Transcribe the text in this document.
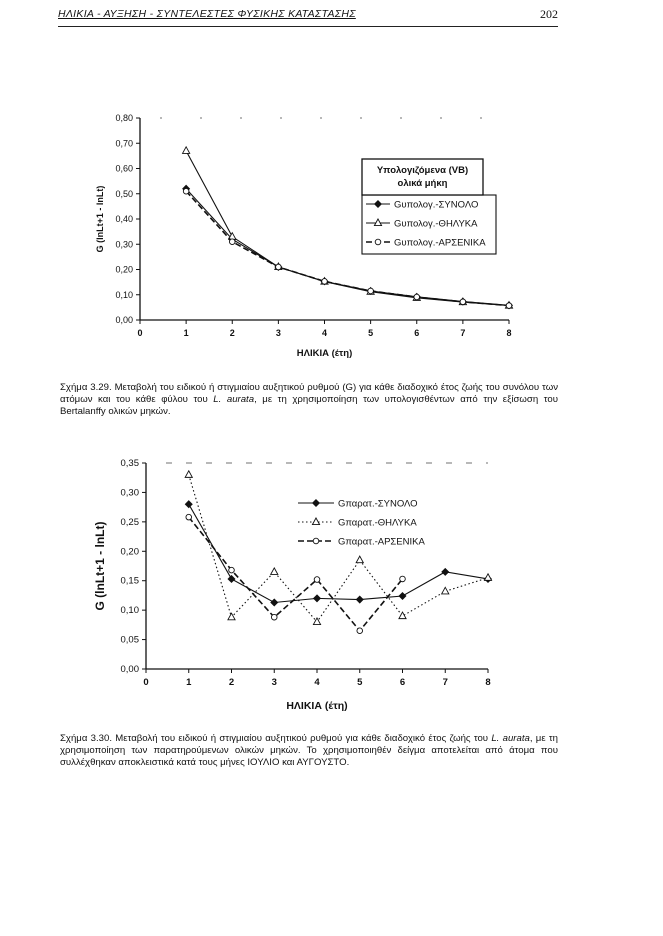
ΗΛΙΚΙΑ - ΑΥΞΗΣΗ - ΣΥΝΤΕΛΕΣΤΕΣ ΦΥΣΙΚΗΣ ΚΑΤΑΣΤΑΣΗΣ	202
0,00
0,10
0,20
0,30
0,40
0,50
0,60
0,70
0,80
0	1	2	3	4	5	6	7	8
ΗΛΙΚΙΑ (έτη)
G (lnLt+1 - lnLt)
Υπολογιζόμενα (VB)
ολικά μήκη
Gυπολογ.-ΣΥΝΟΛΟ
Gυπολογ.-ΘΗΛΥΚΑ
Gυπολογ.-ΑΡΣΕΝΙΚΑ
0,00
0,05
0,10
0,15
0,20
0,25
0,30
0,35
0	1	2	3	4	5	6	7	8
ΗΛΙΚΙΑ (έτη)
G (lnLt+1 - lnLt)
Gπαρατ.-ΣΥΝΟΛΟ
Gπαρατ.-ΘΗΛΥΚΑ
Gπαρατ.-ΑΡΣΕΝΙΚΑ
Σχήμα 3.29. Μεταβολή του ειδικού ή στιγμιαίου αυξητικού ρυθμού (G) για κάθε διαδοχικό έτος ζωής του συνόλου των ατόμων και του κάθε φύλου του L. aurata, με τη χρησιμοποίηση των υπολογισθέντων από την εξίσωση του Bertalanffy ολικών μηκών.
Σχήμα 3.30. Μεταβολή του ειδικού ή στιγμιαίου αυξητικού ρυθμού για κάθε διαδοχικό έτος ζωής του L. aurata, με τη χρησιμοποίηση των παρατηρούμενων ολικών μηκών. Το χρησιμοποιηθέν δείγμα αποτελείται από άτομα που συλλέχθηκαν αποκλειστικά κατά τους μήνες ΙΟΥΛΙΟ και ΑΥΓΟΥΣΤΟ.
